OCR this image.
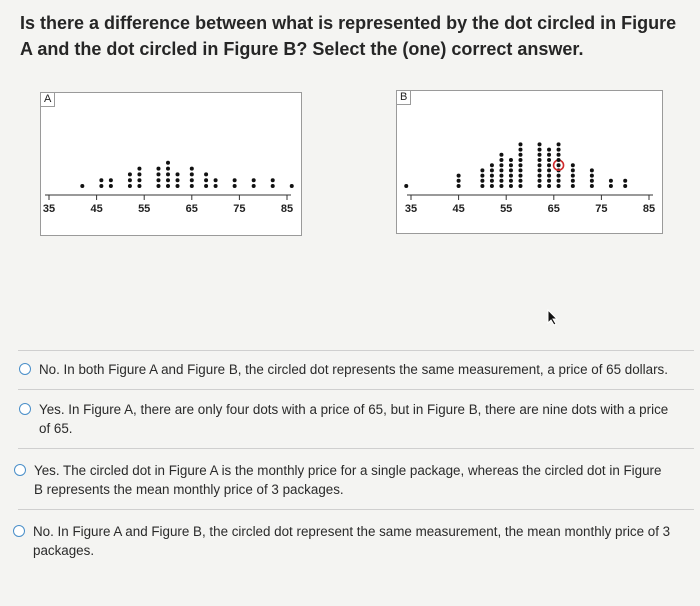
Is there a difference between what is represented by the dot circled in Figure A and the dot circled in Figure B? Select the (one) correct answer.

A
35	45	55	65	75	85
B
35	45	55	65	75	85
No. In both Figure A and Figure B, the circled dot represents the same measurement, a price of 65 dollars.
Yes. In Figure A, there are only four dots with a price of 65, but in Figure B, there are nine dots with a price of 65.
Yes. The circled dot in Figure A is the monthly price for a single package, whereas the circled dot in Figure B represents the mean monthly price of 3 packages.
No. In Figure A and Figure B, the circled dot represent the same measurement, the mean monthly price of 3 packages.
